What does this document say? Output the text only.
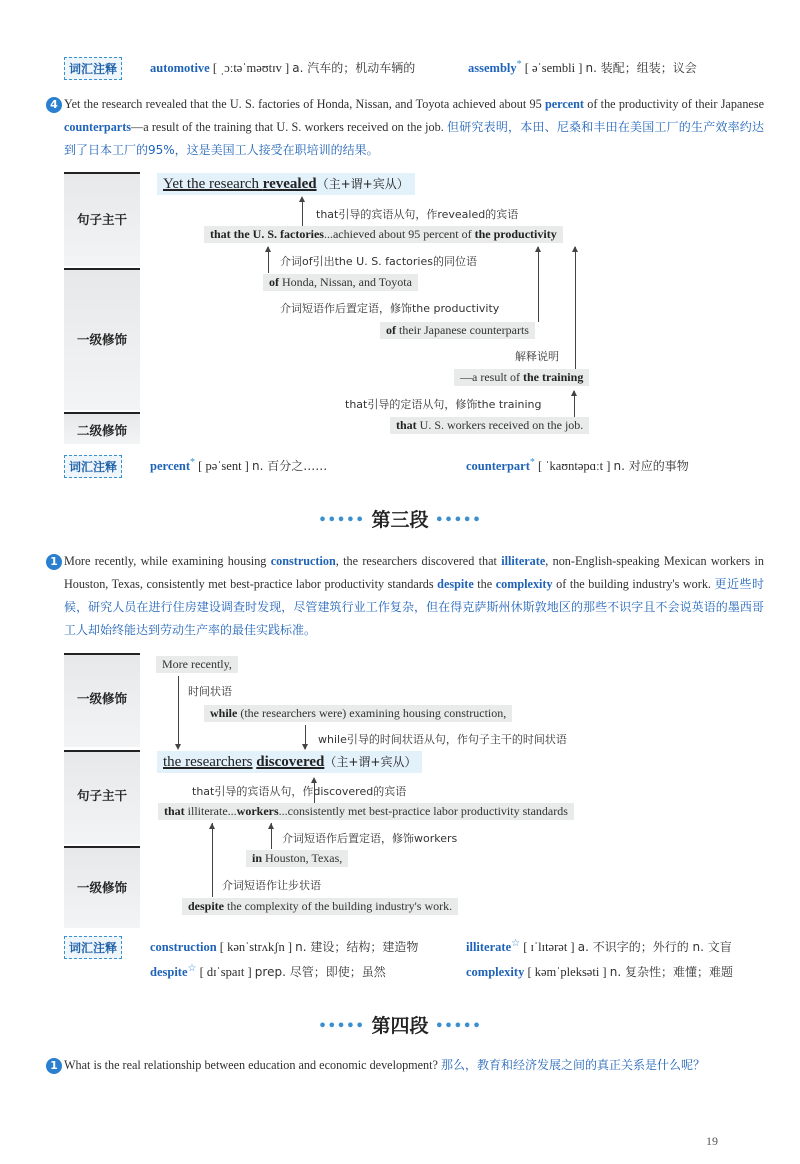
词汇注释	automotive [ ˌɔːtəˈməʊtɪv ] a. 汽车的；机动车辆的	assembly* [ əˈsembli ] n. 装配；组装；议会
4 Yet the research revealed that the U. S. factories of Honda, Nissan, and Toyota achieved about 95 percent of the productivity of their Japanese counterparts—a result of the training that U. S. workers received on the job. 但研究表明，本田、尼桑和丰田在美国工厂的生产效率约达到了日本工厂的95%，这是美国工人接受在职培训的结果。
句子主干
一级修饰
二级修饰
Yet the research revealed（主+谓+宾从）
that引导的宾语从句，作revealed的宾语
that the U. S. factories...achieved about 95 percent of the productivity
介词of引出the U. S. factories的同位语
of Honda, Nissan, and Toyota
介词短语作后置定语，修饰the productivity
of their Japanese counterparts
解释说明
—a result of the training
that引导的定语从句，修饰the training
that U. S. workers received on the job.
词汇注释	percent* [ pəˈsent ] n. 百分之……	counterpart* [ ˈkaʊntəpɑːt ] n. 对应的事物
••••• 第三段 •••••
1 More recently, while examining housing construction, the researchers discovered that illiterate, non-English-speaking Mexican workers in Houston, Texas, consistently met best-practice labor productivity standards despite the complexity of the building industry's work. 更近些时候，研究人员在进行住房建设调查时发现，尽管建筑行业工作复杂，但在得克萨斯州休斯敦地区的那些不识字且不会说英语的墨西哥工人却始终能达到劳动生产率的最佳实践标准。
一级修饰
句子主干
一级修饰
More recently,
时间状语
while (the researchers were) examining housing construction,
while引导的时间状语从句，作句子主干的时间状语
the researchers discovered（主+谓+宾从）
that引导的宾语从句，作discovered的宾语
that illiterate...workers...consistently met best-practice labor productivity standards
介词短语作后置定语，修饰workers
in Houston, Texas,
介词短语作让步状语
despite the complexity of the building industry's work.
词汇注释	construction [ kənˈstrʌkʃn ] n. 建设；结构；建造物	illiterate☆ [ ɪˈlɪtərət ] a. 不识字的；外行的 n. 文盲
despite☆ [ dɪˈspaɪt ] prep. 尽管；即使；虽然	complexity [ kəmˈpleksəti ] n. 复杂性；难懂；难题
••••• 第四段 •••••
1 What is the real relationship between education and economic development? 那么，教育和经济发展之间的真正关系是什么呢？
19
